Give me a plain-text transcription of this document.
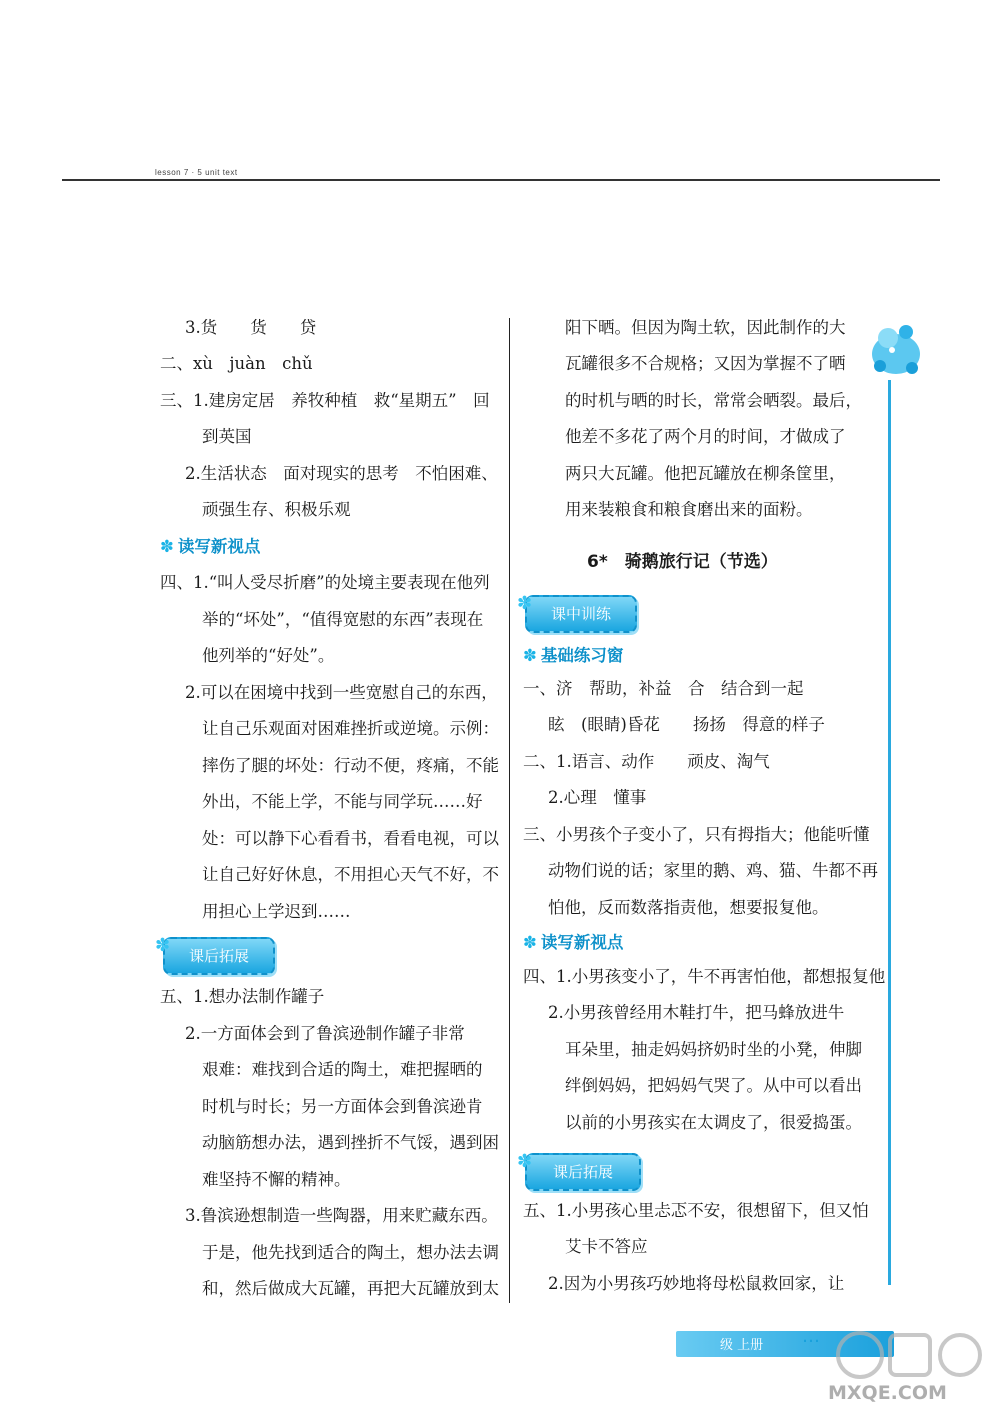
lesson 7 · 5 unit text
3.货　　货　　贷
二、xù　juàn　chǔ
三、1.建房定居　养牧种植　救“星期五”　回
到英国
2.生活状态　面对现实的思考　不怕困难、
顽强生存、积极乐观
✽ 读写新视点
四、1.“叫人受尽折磨”的处境主要表现在他列
举的“坏处”，“值得宽慰的东西”表现在
他列举的“好处”。
2.可以在困境中找到一些宽慰自己的东西，
让自己乐观面对困难挫折或逆境。示例：
摔伤了腿的坏处：行动不便，疼痛，不能
外出，不能上学，不能与同学玩……好
处：可以静下心看看书，看看电视，可以
让自己好好休息，不用担心天气不好，不
用担心上学迟到……
✽ 课后拓展
五、1.想办法制作罐子
2.一方面体会到了鲁滨逊制作罐子非常
艰难：难找到合适的陶土，难把握晒的
时机与时长；另一方面体会到鲁滨逊肯
动脑筋想办法，遇到挫折不气馁，遇到困
难坚持不懈的精神。
3.鲁滨逊想制造一些陶器，用来贮藏东西。
于是，他先找到适合的陶土，想办法去调
和，然后做成大瓦罐，再把大瓦罐放到太
阳下晒。但因为陶土软，因此制作的大
瓦罐很多不合规格；又因为掌握不了晒
的时机与晒的时长，常常会晒裂。最后，
他差不多花了两个月的时间，才做成了
两只大瓦罐。他把瓦罐放在柳条筐里，
用来装粮食和粮食磨出来的面粉。
6*　骑鹅旅行记（节选）
✽ 课中训练
✽ 基础练习窗
一、济　帮助，补益　合　结合到一起
眩　(眼睛)昏花　　扬扬　得意的样子
二、1.语言、动作　　顽皮、淘气
2.心理　懂事
三、小男孩个子变小了，只有拇指大；他能听懂
动物们说的话；家里的鹅、鸡、猫、牛都不再
怕他，反而数落指责他，想要报复他。
✽ 读写新视点
四、1.小男孩变小了，牛不再害怕他，都想报复他
2.小男孩曾经用木鞋打牛，把马蜂放进牛
耳朵里，抽走妈妈挤奶时坐的小凳，伸脚
绊倒妈妈，把妈妈气哭了。从中可以看出
以前的小男孩实在太调皮了，很爱捣蛋。
✽ 课后拓展
五、1.小男孩心里忐忑不安，很想留下，但又怕
艾卡不答应
2.因为小男孩巧妙地将母松鼠救回家，让
级 上册 …
MXQE.COM
